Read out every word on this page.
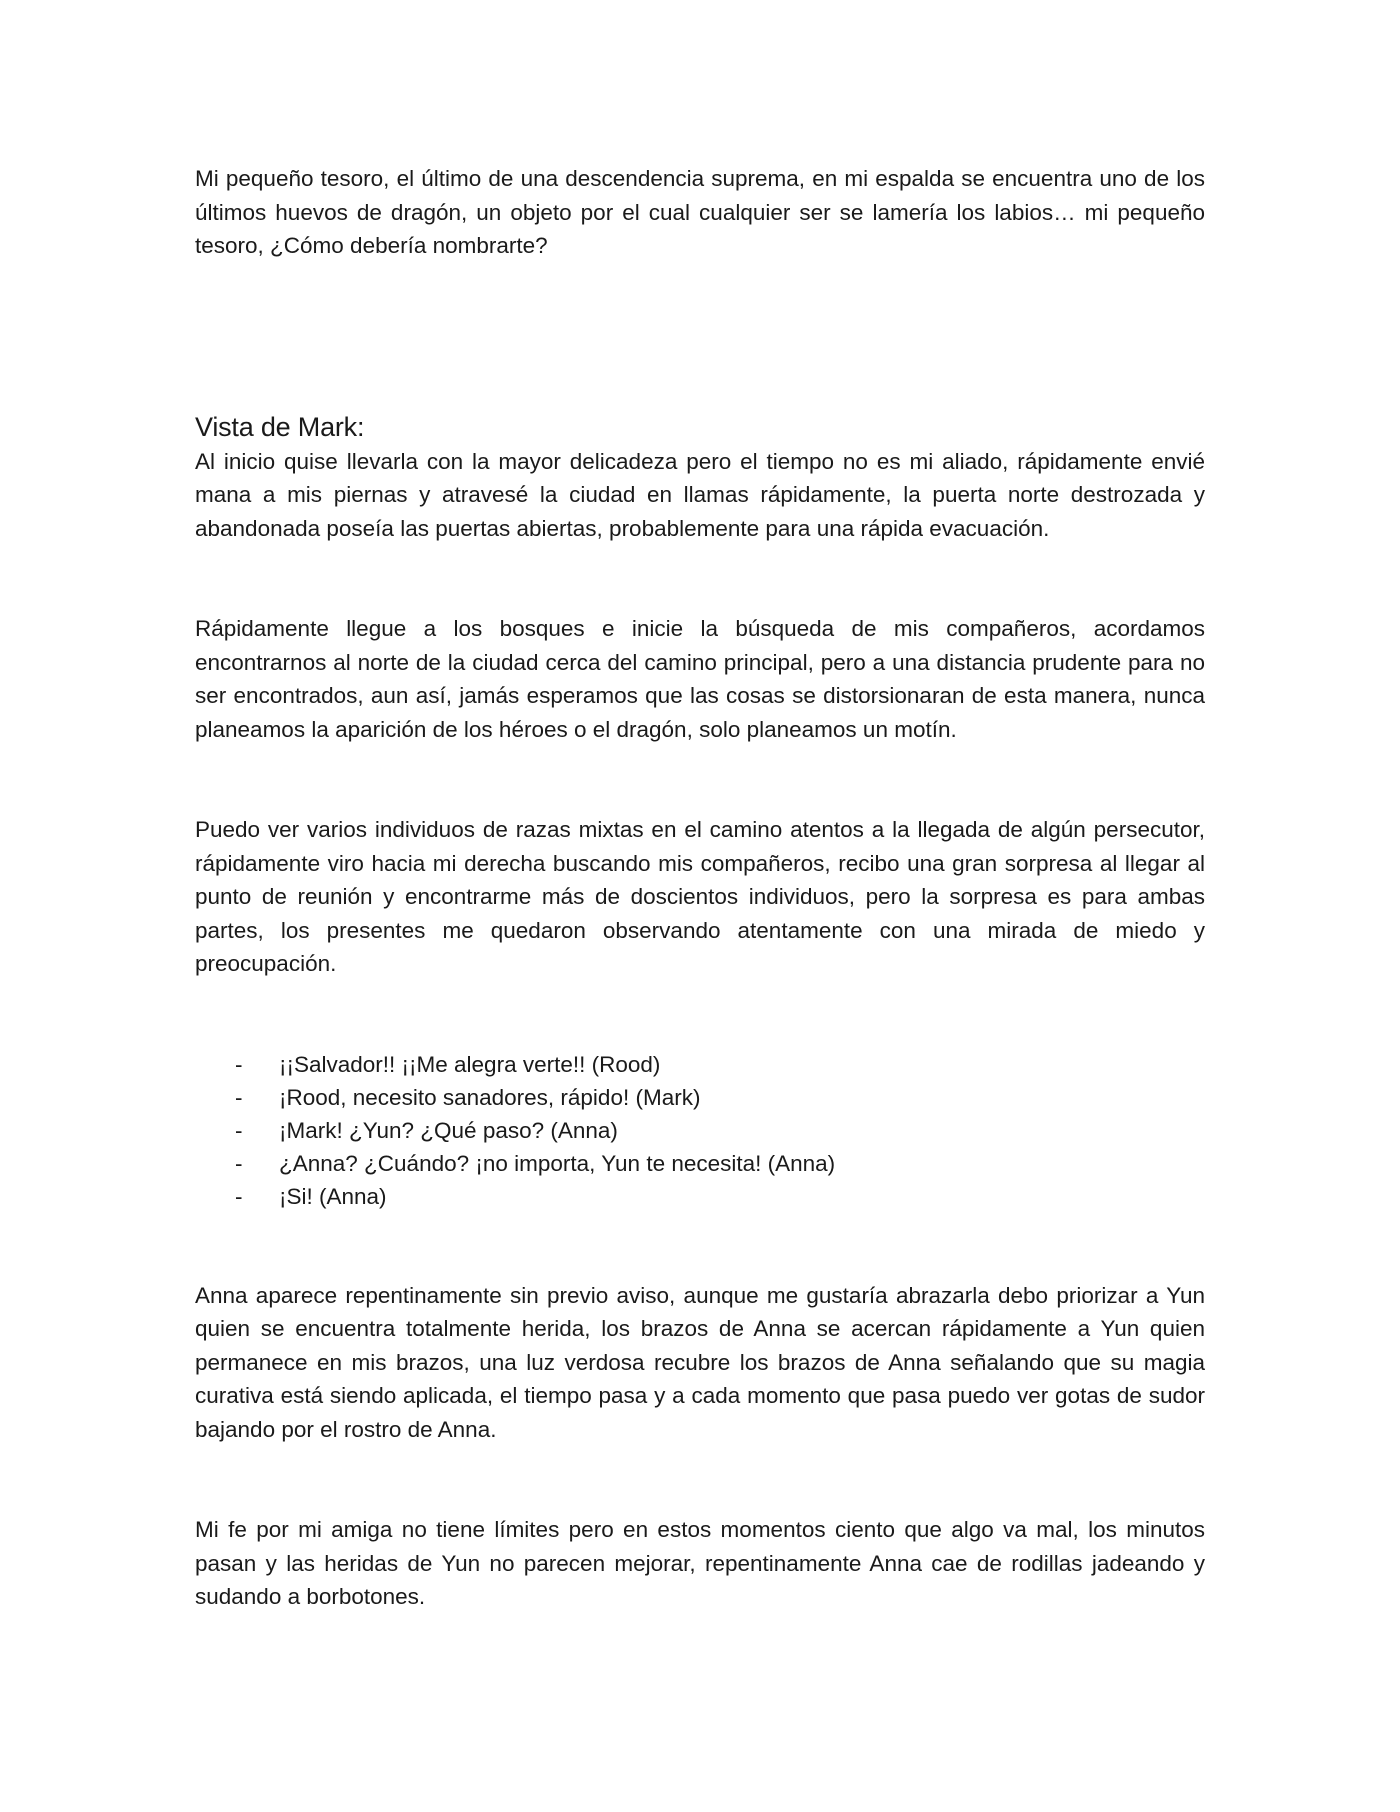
Mi pequeño tesoro, el último de una descendencia suprema, en mi espalda se encuentra uno de los últimos huevos de dragón, un objeto por el cual cualquier ser se lamería los labios… mi pequeño tesoro, ¿Cómo debería nombrarte?

Vista de Mark:

Al inicio quise llevarla con la mayor delicadeza pero el tiempo no es mi aliado, rápidamente envié mana a mis piernas y atravesé la ciudad en llamas rápidamente, la puerta norte destrozada y abandonada poseía las puertas abiertas, probablemente para una rápida evacuación.

Rápidamente llegue a los bosques e inicie la búsqueda de mis compañeros, acordamos encontrarnos al norte de la ciudad cerca del camino principal, pero a una distancia prudente para no ser encontrados, aun así, jamás esperamos que las cosas se distorsionaran de esta manera, nunca planeamos la aparición de los héroes o el dragón, solo planeamos un motín.

Puedo ver varios individuos de razas mixtas en el camino atentos a la llegada de algún persecutor, rápidamente viro hacia mi derecha buscando mis compañeros, recibo una gran sorpresa al llegar al punto de reunión y encontrarme más de doscientos individuos, pero la sorpresa es para ambas partes, los presentes me quedaron observando atentamente con una mirada de miedo y preocupación.

- ¡¡Salvador!! ¡¡Me alegra verte!! (Rood)
- ¡Rood, necesito sanadores, rápido! (Mark)
- ¡Mark! ¿Yun? ¿Qué paso? (Anna)
- ¿Anna? ¿Cuándo? ¡no importa, Yun te necesita! (Anna)
- ¡Si! (Anna)

Anna aparece repentinamente sin previo aviso, aunque me gustaría abrazarla debo priorizar a Yun quien se encuentra totalmente herida, los brazos de Anna se acercan rápidamente a Yun quien permanece en mis brazos, una luz verdosa recubre los brazos de Anna señalando que su magia curativa está siendo aplicada, el tiempo pasa y a cada momento que pasa puedo ver gotas de sudor bajando por el rostro de Anna.

Mi fe por mi amiga no tiene límites pero en estos momentos ciento que algo va mal, los minutos pasan y las heridas de Yun no parecen mejorar, repentinamente Anna cae de rodillas jadeando y sudando a borbotones.
